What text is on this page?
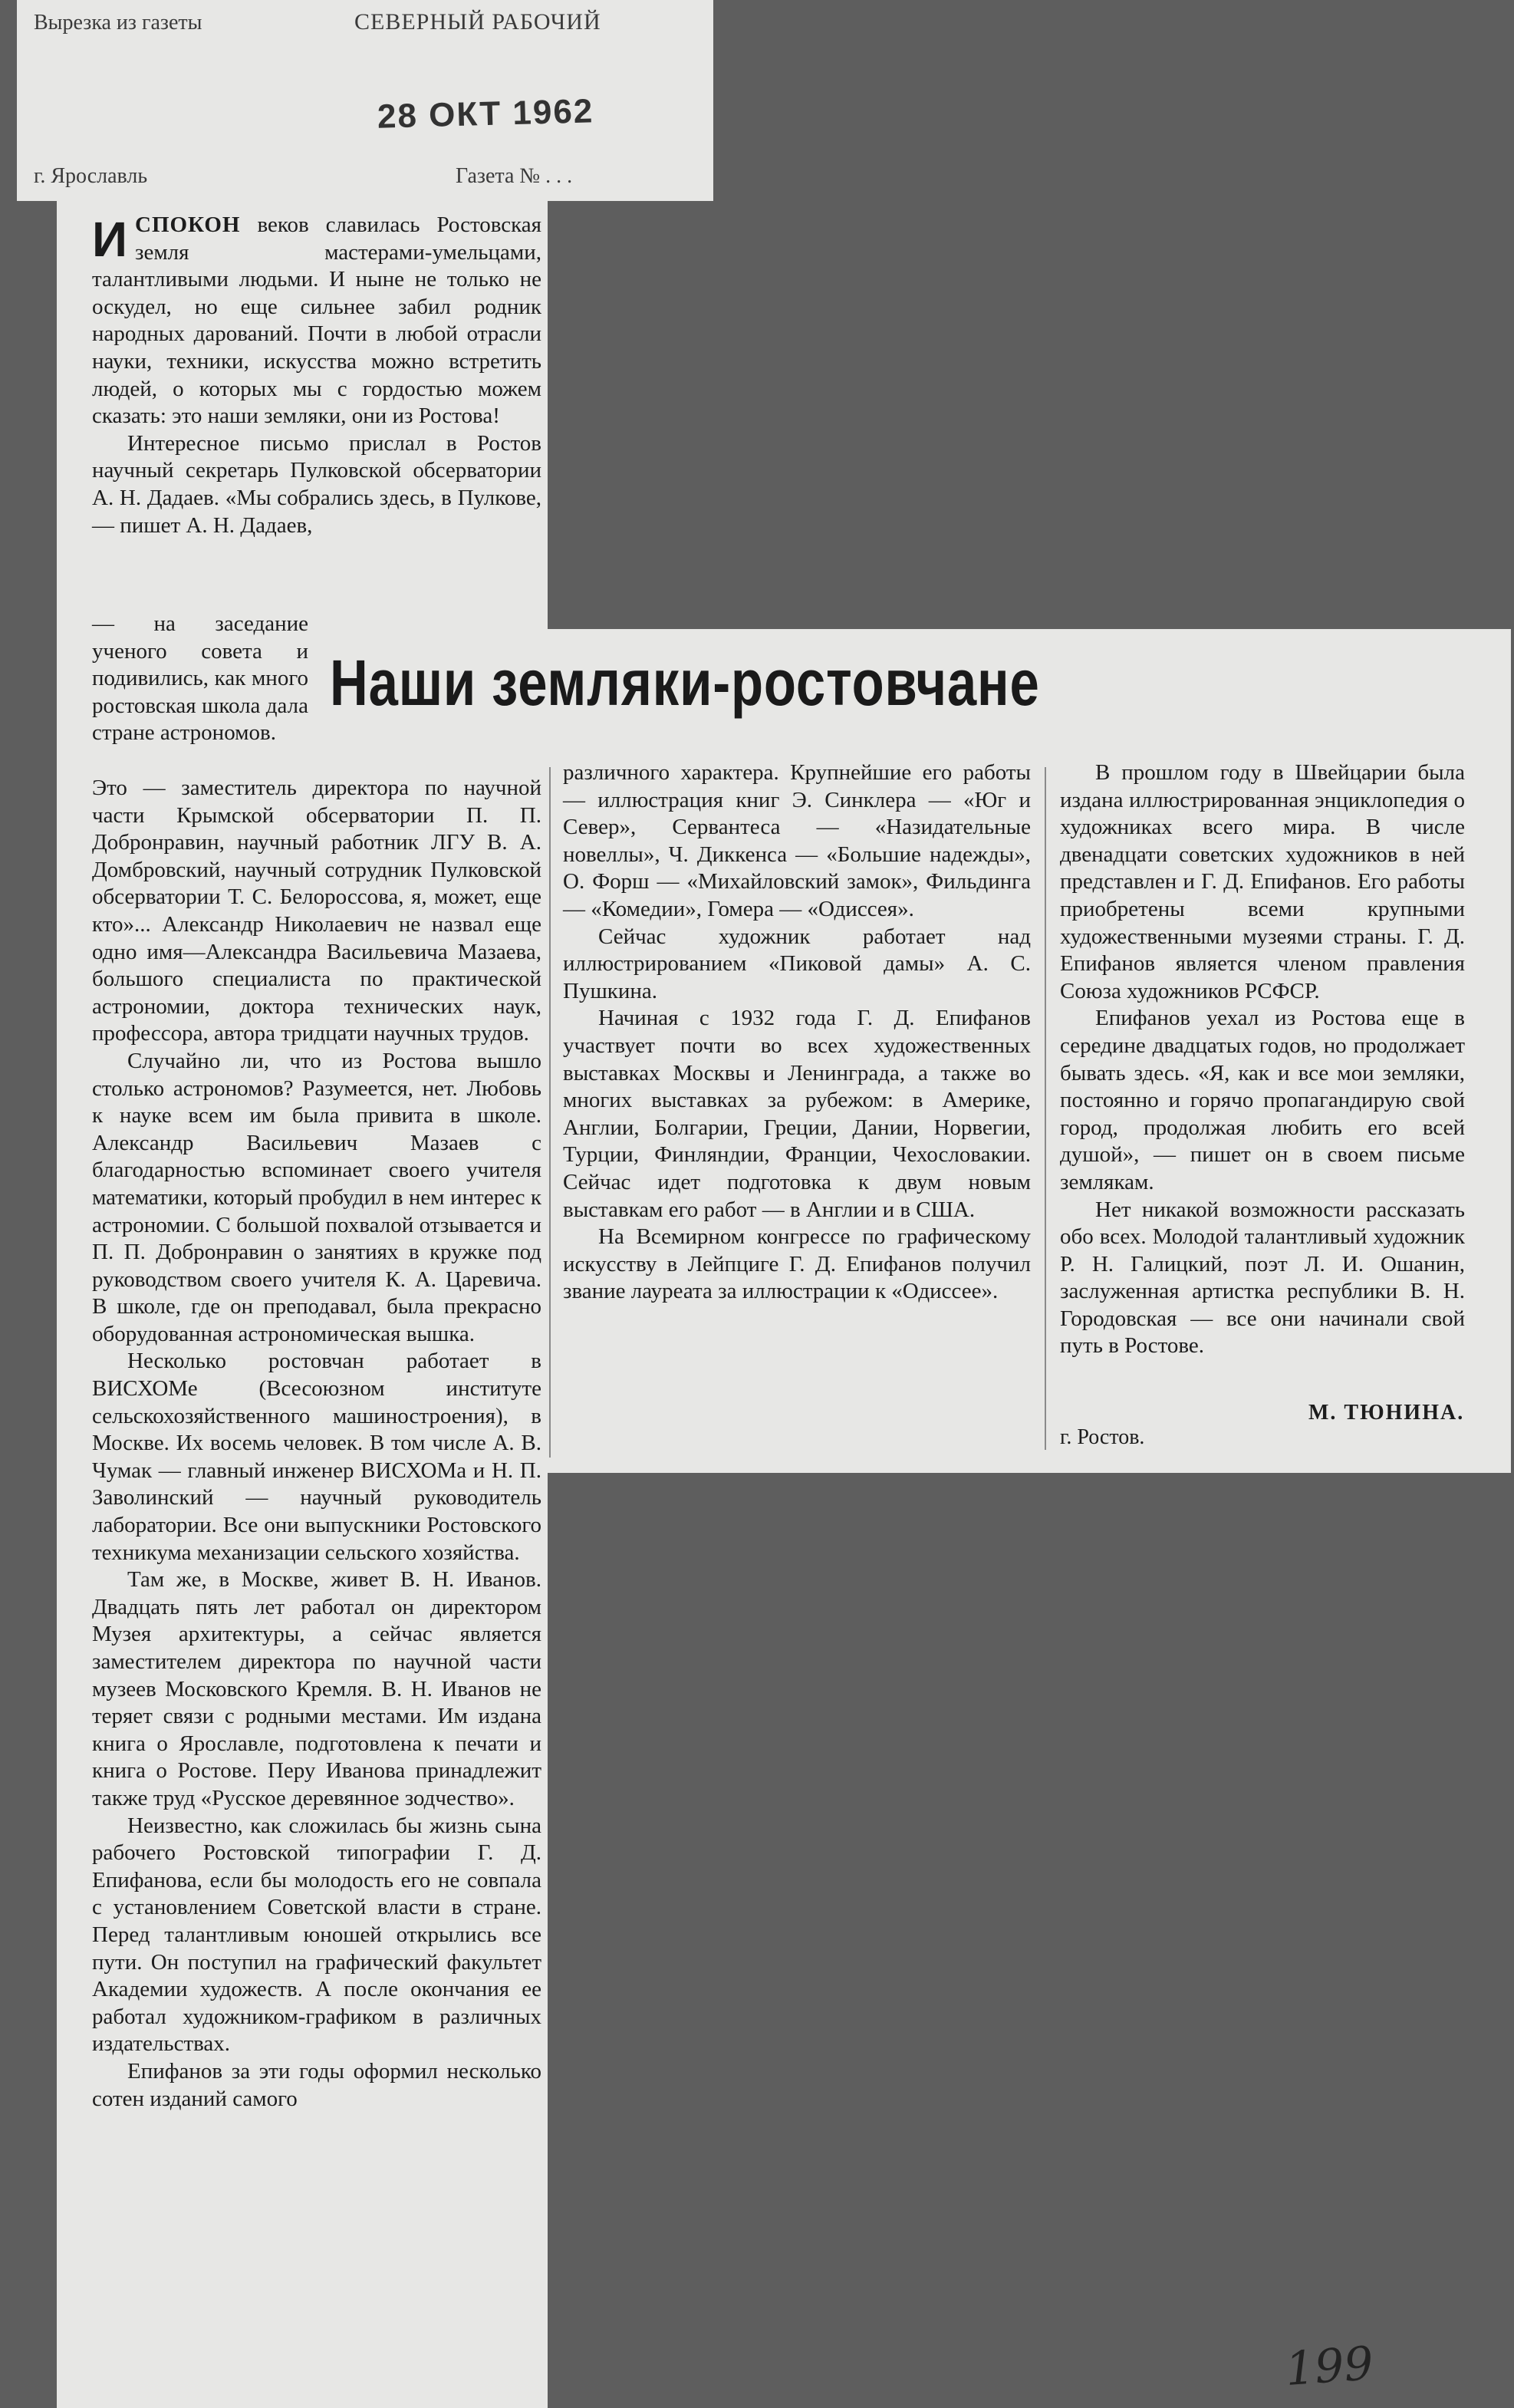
Вырезка из газеты	СЕВЕРНЫЙ РАБОЧИЙ
28 ОКТ 1962
г. Ярославль	Газета № . . .
Наши земляки-ростовчане

ИСПОКОН веков славилась Ростовская земля мастерами-умельцами, талантливыми людьми. И ныне не только не оскудел, но еще сильнее забил родник народных дарований. Почти в любой отрасли науки, техники, искусства можно встретить людей, о которых мы с гордостью можем сказать: это наши земляки, они из Ростова!

Интересное письмо прислал в Ростов научный секретарь Пулковской обсерватории А. Н. Дадаев. «Мы собрались здесь, в Пулкове, — пишет А. Н. Дадаев,

— на заседание ученого совета и подивились, как много ростовская школа дала стране астрономов.

Это — заместитель директора по научной части Крымской обсерватории П. П. Добронравин, научный работник ЛГУ В. А. Домбровский, научный сотрудник Пулковской обсерватории Т. С. Белороссова, я, может, еще кто»... Александр Николаевич не назвал еще одно имя—Александра Васильевича Мазаева, большого специалиста по практической астрономии, доктора технических наук, профессора, автора тридцати научных трудов.

Случайно ли, что из Ростова вышло столько астрономов? Разумеется, нет. Любовь к науке всем им была привита в школе. Александр Васильевич Мазаев с благодарностью вспоминает своего учителя математики, который пробудил в нем интерес к астрономии. С большой похвалой отзывается и П. П. Добронравин о занятиях в кружке под руководством своего учителя К. А. Царевича. В школе, где он преподавал, была прекрасно оборудованная астрономическая вышка.

Несколько ростовчан работает в ВИСХОМе (Всесоюзном институте сельскохозяйственного машиностроения), в Москве. Их восемь человек. В том числе А. В. Чумак — главный инженер ВИСХОМа и Н. П. Заволинский — научный руководитель лаборатории. Все они выпускники Ростовского техникума механизации сельского хозяйства.

Там же, в Москве, живет В. Н. Иванов. Двадцать пять лет работал он директором Музея архитектуры, а сейчас является заместителем директора по научной части музеев Московского Кремля. В. Н. Иванов не теряет связи с родными местами. Им издана книга о Ярославле, подготовлена к печати и книга о Ростове. Перу Иванова принадлежит также труд «Русское деревянное зодчество».

Неизвестно, как сложилась бы жизнь сына рабочего Ростовской типографии Г. Д. Епифанова, если бы молодость его не совпала с установлением Советской власти в стране. Перед талантливым юношей открылись все пути. Он поступил на графический факультет Академии художеств. А после окончания ее работал художником-графиком в различных издательствах.

Епифанов за эти годы оформил несколько сотен изданий самого

различного характера. Крупнейшие его работы — иллюстрация книг Э. Синклера — «Юг и Север», Сервантеса — «Назидательные новеллы», Ч. Диккенса — «Большие надежды», О. Форш — «Михайловский замок», Фильдинга — «Комедии», Гомера — «Одиссея».

Сейчас художник работает над иллюстрированием «Пиковой дамы» А. С. Пушкина.

Начиная с 1932 года Г. Д. Епифанов участвует почти во всех художественных выставках Москвы и Ленинграда, а также во многих выставках за рубежом: в Америке, Англии, Болгарии, Греции, Дании, Норвегии, Турции, Финляндии, Франции, Чехословакии. Сейчас идет подготовка к двум новым выставкам его работ — в Англии и в США.

На Всемирном конгрессе по графическому искусству в Лейпциге Г. Д. Епифанов получил звание лауреата за иллюстрации к «Одиссее».

В прошлом году в Швейцарии была издана иллюстрированная энциклопедия о художниках всего мира. В числе двенадцати советских художников в ней представлен и Г. Д. Епифанов. Его работы приобретены всеми крупными художественными музеями страны. Г. Д. Епифанов является членом правления Союза художников РСФСР.

Епифанов уехал из Ростова еще в середине двадцатых годов, но продолжает бывать здесь. «Я, как и все мои земляки, постоянно и горячо пропагандирую свой город, продолжая любить его всей душой», — пишет он в своем письме землякам.

Нет никакой возможности рассказать обо всех. Молодой талантливый художник Р. Н. Галицкий, поэт Л. И. Ошанин, заслуженная артистка республики В. Н. Городовская — все они начинали свой путь в Ростове.

М. ТЮНИНА.
г. Ростов.
199
